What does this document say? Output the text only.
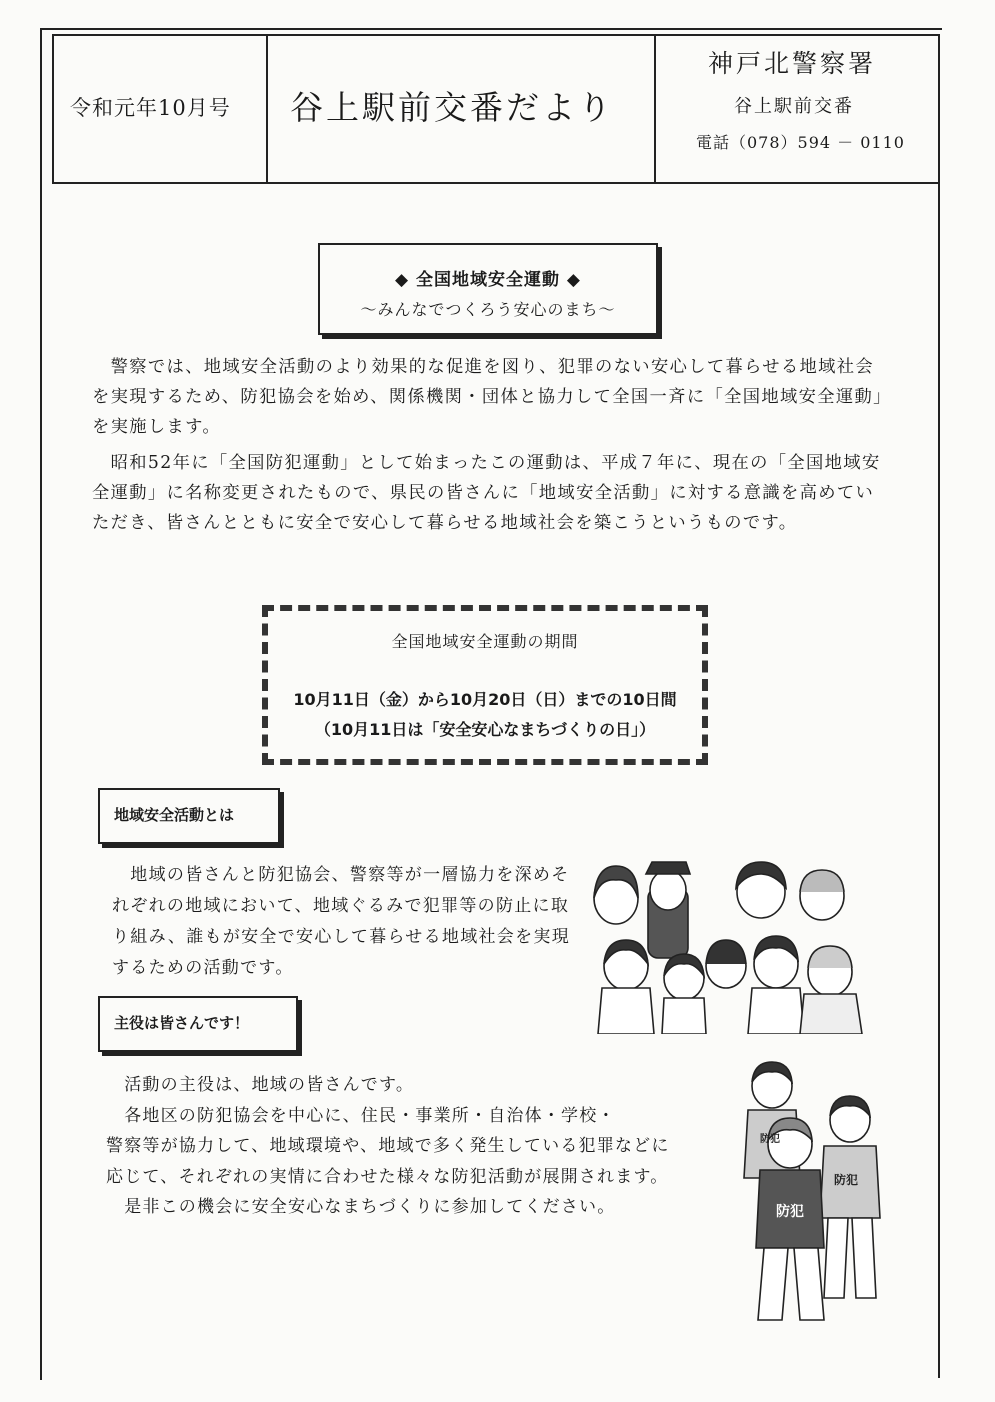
令和元年10月号 谷上駅前交番だより
神戸北警察署
谷上駅前交番
電話（078）594 － 0110
◆ 全国地域安全運動 ◆
～みんなでつくろう安心のまち～

　警察では、地域安全活動のより効果的な促進を図り、犯罪のない安心して暮らせる地域社会を実現するため、防犯協会を始め、関係機関・団体と協力して全国一斉に「全国地域安全運動」を実施します。

　昭和52年に「全国防犯運動」として始まったこの運動は、平成７年に、現在の「全国地域安全運動」に名称変更されたもので、県民の皆さんに「地域安全活動」に対する意識を高めていただき、皆さんとともに安全で安心して暮らせる地域社会を築こうというものです。

全国地域安全運動の期間
10月11日（金）から10月20日（日）までの10日間
（10月11日は「安全安心なまちづくりの日」）
地域安全活動とは

　地域の皆さんと防犯協会、警察等が一層協力を深めそれぞれの地域において、地域ぐるみで犯罪等の防止に取り組み、誰もが安全で安心して暮らせる地域社会を実現するための活動です。

主役は皆さんです！
　活動の主役は、地域の皆さんです。
　各地区の防犯協会を中心に、住民・事業所・自治体・学校・
警察等が協力して、地域環境や、地域で多く発生している犯罪などに
応じて、それぞれの実情に合わせた様々な防犯活動が展開されます。
　是非この機会に安全安心なまちづくりに参加してください。	防犯
防犯
防犯
